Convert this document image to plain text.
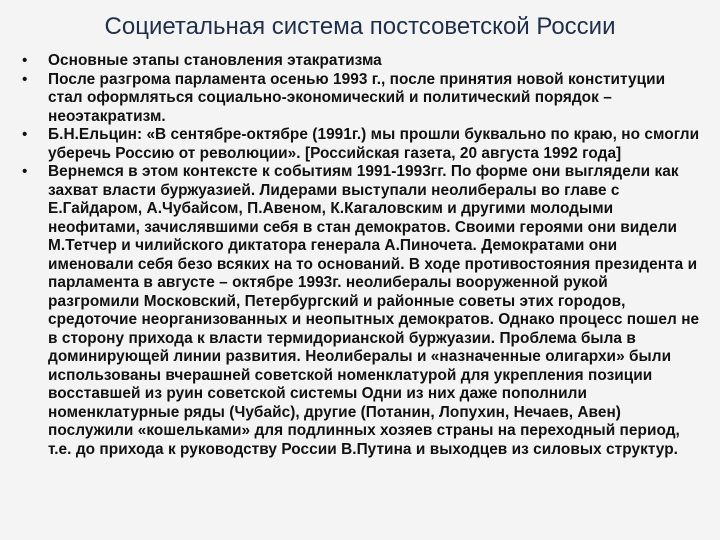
Социетальная система постсоветской России
• Основные этапы становления этакратизма
• После разгрома парламента осенью 1993 г., после принятия новой конституции стал оформляться социально-экономический и политический порядок – неоэтакратизм.
• Б.Н.Ельцин: «В сентябре-октябре (1991г.) мы прошли буквально по краю, но смогли уберечь Россию от революции». [Российская газета, 20 августа 1992 года]
• Вернемся в этом контексте к событиям 1991-1993гг. По форме они выглядели как захват власти буржуазией. Лидерами выступали неолибералы во главе с Е.Гайдаром, А.Чубайсом, П.Авеном, К.Кагаловским и другими молодыми неофитами, зачислявшими себя в стан демократов. Своими героями они видели М.Тетчер и чилийского диктатора генерала А.Пиночета. Демократами они именовали себя безо всяких на то оснований. В ходе противостояния президента и парламента в августе – октябре 1993г. неолибералы вооруженной рукой разгромили Московский, Петербургский и районные советы этих городов, средоточие неорганизованных и неопытных демократов. Однако процесс пошел не в сторону прихода к власти термидорианской буржуазии. Проблема была в доминирующей линии развития. Неолибералы и «назначенные олигархи» были использованы вчерашней советской номенклатурой для укрепления позиции восставшей из руин советской системы Одни из них даже пополнили номенклатурные ряды (Чубайс), другие (Потанин, Лопухин, Нечаев, Авен) послужили «кошельками» для подлинных хозяев страны на переходный период, т.е. до прихода к руководству России В.Путина и выходцев из силовых структур.
